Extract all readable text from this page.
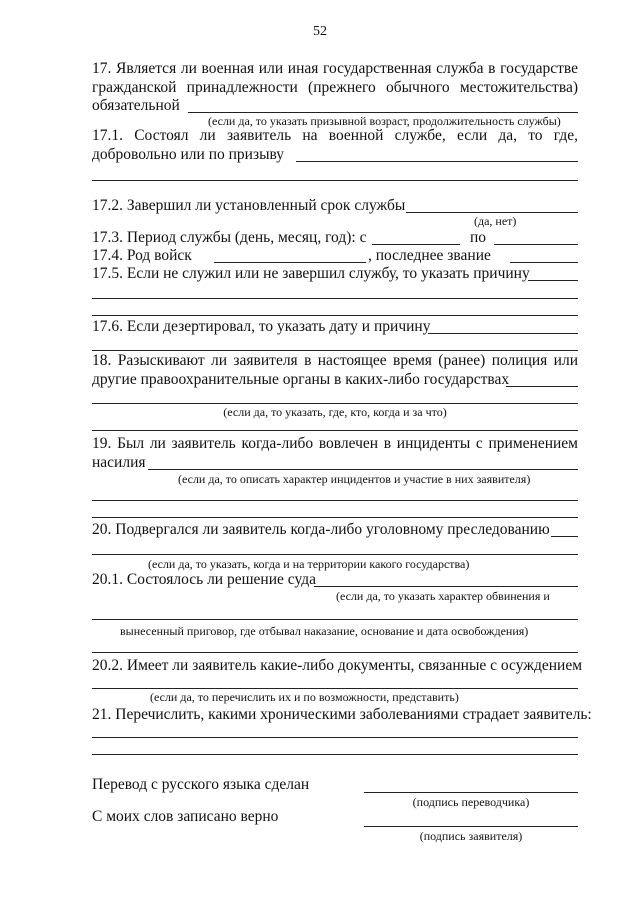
52
17. Является ли военная или иная государственная служба в государстве
гражданской принадлежности (прежнего обычного местожительства)
обязательной
(если да, то указать призывной возраст, продолжительность службы)
17.1. Состоял ли заявитель на военной службе, если да, то где,
добровольно или по призыву
17.2. Завершил ли установленный срок службы
(да, нет)
17.3. Период службы (день, месяц, год): с	по
17.4. Род войск	, последнее звание
17.5. Если не служил или не завершил службу, то указать причину
17.6. Если дезертировал, то указать дату и причину
18. Разыскивают ли заявителя в настоящее время (ранее) полиция или
другие правоохранительные органы в каких-либо государствах
(если да, то указать, где, кто, когда и за что)
19. Был ли заявитель когда-либо вовлечен в инциденты с применением
насилия
(если да, то описать характер инцидентов и участие в них заявителя)
20. Подвергался ли заявитель когда-либо уголовному преследованию
(если да, то указать, когда и на территории какого государства)
20.1. Состоялось ли решение суда
(если да, то указать характер обвинения и
вынесенный приговор, где отбывал наказание, основание и дата освобождения)
20.2. Имеет ли заявитель какие-либо документы, связанные с осуждением
(если да, то перечислить их и по возможности, представить)
21. Перечислить, какими хроническими заболеваниями страдает заявитель:
Перевод с русского языка сделан
(подпись переводчика)
С моих слов записано верно
(подпись заявителя)
